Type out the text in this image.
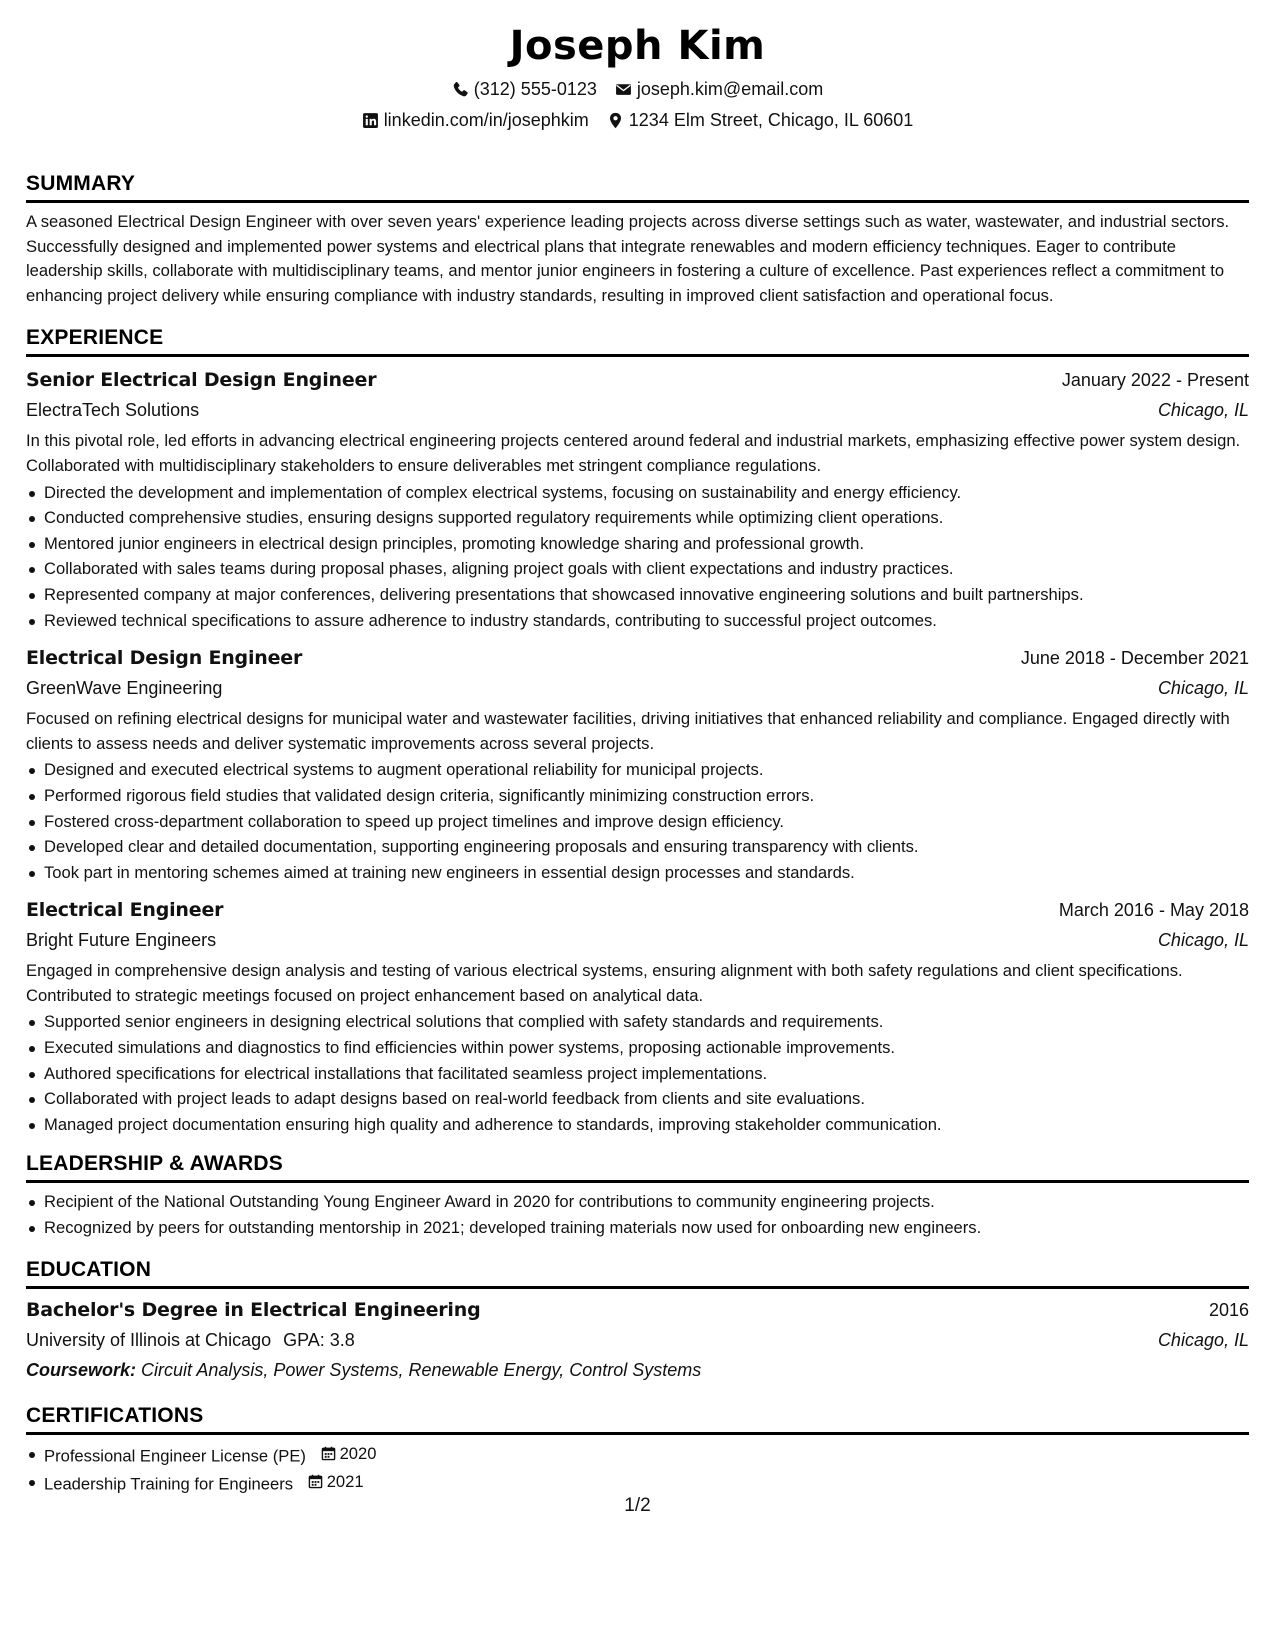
Joseph Kim
(312) 555-0123 joseph.kim@email.com
linkedin.com/in/josephkim 1234 Elm Street, Chicago, IL 60601
SUMMARY
A seasoned Electrical Design Engineer with over seven years' experience leading projects across diverse settings such as water, wastewater, and industrial sectors. Successfully designed and implemented power systems and electrical plans that integrate renewables and modern efficiency techniques. Eager to contribute leadership skills, collaborate with multidisciplinary teams, and mentor junior engineers in fostering a culture of excellence. Past experiences reflect a commitment to enhancing project delivery while ensuring compliance with industry standards, resulting in improved client satisfaction and operational focus.
EXPERIENCE
Senior Electrical Design Engineer	January 2022 - Present
ElectraTech Solutions	Chicago, IL
In this pivotal role, led efforts in advancing electrical engineering projects centered around federal and industrial markets, emphasizing effective power system design. Collaborated with multidisciplinary stakeholders to ensure deliverables met stringent compliance regulations.
Directed the development and implementation of complex electrical systems, focusing on sustainability and energy efficiency.
Conducted comprehensive studies, ensuring designs supported regulatory requirements while optimizing client operations.
Mentored junior engineers in electrical design principles, promoting knowledge sharing and professional growth.
Collaborated with sales teams during proposal phases, aligning project goals with client expectations and industry practices.
Represented company at major conferences, delivering presentations that showcased innovative engineering solutions and built partnerships.
Reviewed technical specifications to assure adherence to industry standards, contributing to successful project outcomes.
Electrical Design Engineer	June 2018 - December 2021
GreenWave Engineering	Chicago, IL
Focused on refining electrical designs for municipal water and wastewater facilities, driving initiatives that enhanced reliability and compliance. Engaged directly with clients to assess needs and deliver systematic improvements across several projects.
Designed and executed electrical systems to augment operational reliability for municipal projects.
Performed rigorous field studies that validated design criteria, significantly minimizing construction errors.
Fostered cross-department collaboration to speed up project timelines and improve design efficiency.
Developed clear and detailed documentation, supporting engineering proposals and ensuring transparency with clients.
Took part in mentoring schemes aimed at training new engineers in essential design processes and standards.
Electrical Engineer	March 2016 - May 2018
Bright Future Engineers	Chicago, IL
Engaged in comprehensive design analysis and testing of various electrical systems, ensuring alignment with both safety regulations and client specifications. Contributed to strategic meetings focused on project enhancement based on analytical data.
Supported senior engineers in designing electrical solutions that complied with safety standards and requirements.
Executed simulations and diagnostics to find efficiencies within power systems, proposing actionable improvements.
Authored specifications for electrical installations that facilitated seamless project implementations.
Collaborated with project leads to adapt designs based on real-world feedback from clients and site evaluations.
Managed project documentation ensuring high quality and adherence to standards, improving stakeholder communication.
LEADERSHIP & AWARDS
Recipient of the National Outstanding Young Engineer Award in 2020 for contributions to community engineering projects.
Recognized by peers for outstanding mentorship in 2021; developed training materials now used for onboarding new engineers.
EDUCATION
Bachelor's Degree in Electrical Engineering	2016
University of Illinois at Chicago GPA: 3.8	Chicago, IL
Coursework: Circuit Analysis, Power Systems, Renewable Energy, Control Systems
CERTIFICATIONS
Professional Engineer License (PE) 2020
Leadership Training for Engineers 2021
1/2
